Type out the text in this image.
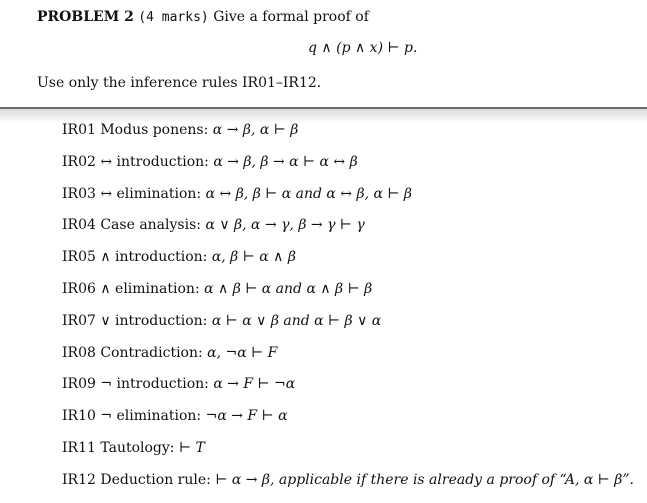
PROBLEM 2 (4 marks) Give a formal proof of
q ∧ (p ∧ x) ⊢ p.
Use only the inference rules IR01–IR12.
IR01 Modus ponens: α → β, α ⊢ β
IR02 ↔ introduction: α → β, β → α ⊢ α ↔ β
IR03 ↔ elimination: α ↔ β, β ⊢ α and α ↔ β, α ⊢ β
IR04 Case analysis: α ∨ β, α → γ, β → γ ⊢ γ
IR05 ∧ introduction: α, β ⊢ α ∧ β
IR06 ∧ elimination: α ∧ β ⊢ α and α ∧ β ⊢ β
IR07 ∨ introduction: α ⊢ α ∨ β and α ⊢ β ∨ α
IR08 Contradiction: α, ¬α ⊢ F
IR09 ¬ introduction: α → F ⊢ ¬α
IR10 ¬ elimination: ¬α → F ⊢ α
IR11 Tautology: ⊢ T
IR12 Deduction rule: ⊢ α → β, applicable if there is already a proof of “A, α ⊢ β”.
